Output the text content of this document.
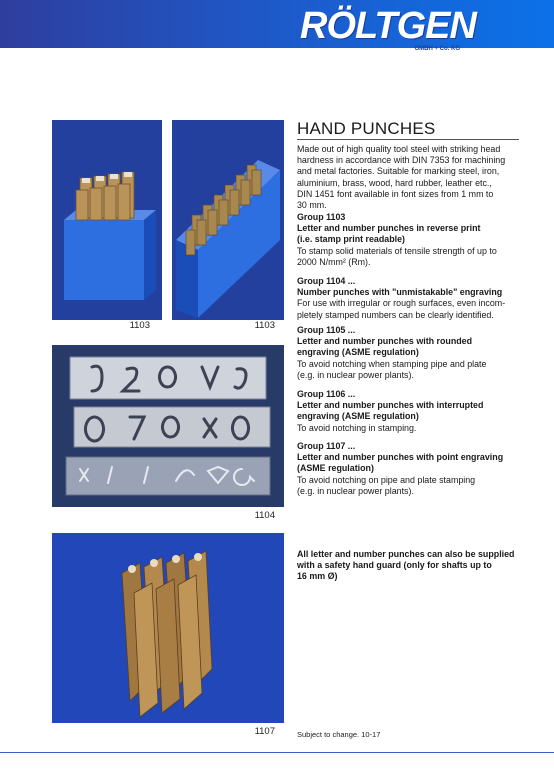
RÖLTGEN
GMBH + Co. KG
1103	1103
1104
1107
HAND PUNCHES
Made out of high quality tool steel with striking head
hardness in accordance with DIN 7353 for machining
and metal factories. Suitable for marking steel, iron,
aluminium, brass, wood, hard rubber, leather etc.,
DIN 1451 font available in font sizes from 1 mm to
30 mm.
Group 1103
Letter and number punches in reverse print
(i.e. stamp print readable)
To stamp solid materials of tensile strength of up to
2000 N/mm² (Rm).
Group 1104 ...
Number punches with "unmistakable" engraving
For use with irregular or rough surfaces, even incom-
pletely stamped numbers can be clearly identified.
Group 1105 ...
Letter and number punches with rounded
engraving (ASME regulation)
To avoid notching when stamping pipe and plate
(e.g. in nuclear power plants).
Group 1106 ...
Letter and number punches with interrupted
engraving (ASME regulation)
To avoid notching in stamping.
Group 1107 ...
Letter and number punches with point engraving
(ASME regulation)
To avoid notching on pipe and plate stamping
(e.g. in nuclear power plants).
All letter and number punches can also be supplied
with a safety hand guard (only for shafts up to
16 mm Ø)
Subject to change. 10-17
